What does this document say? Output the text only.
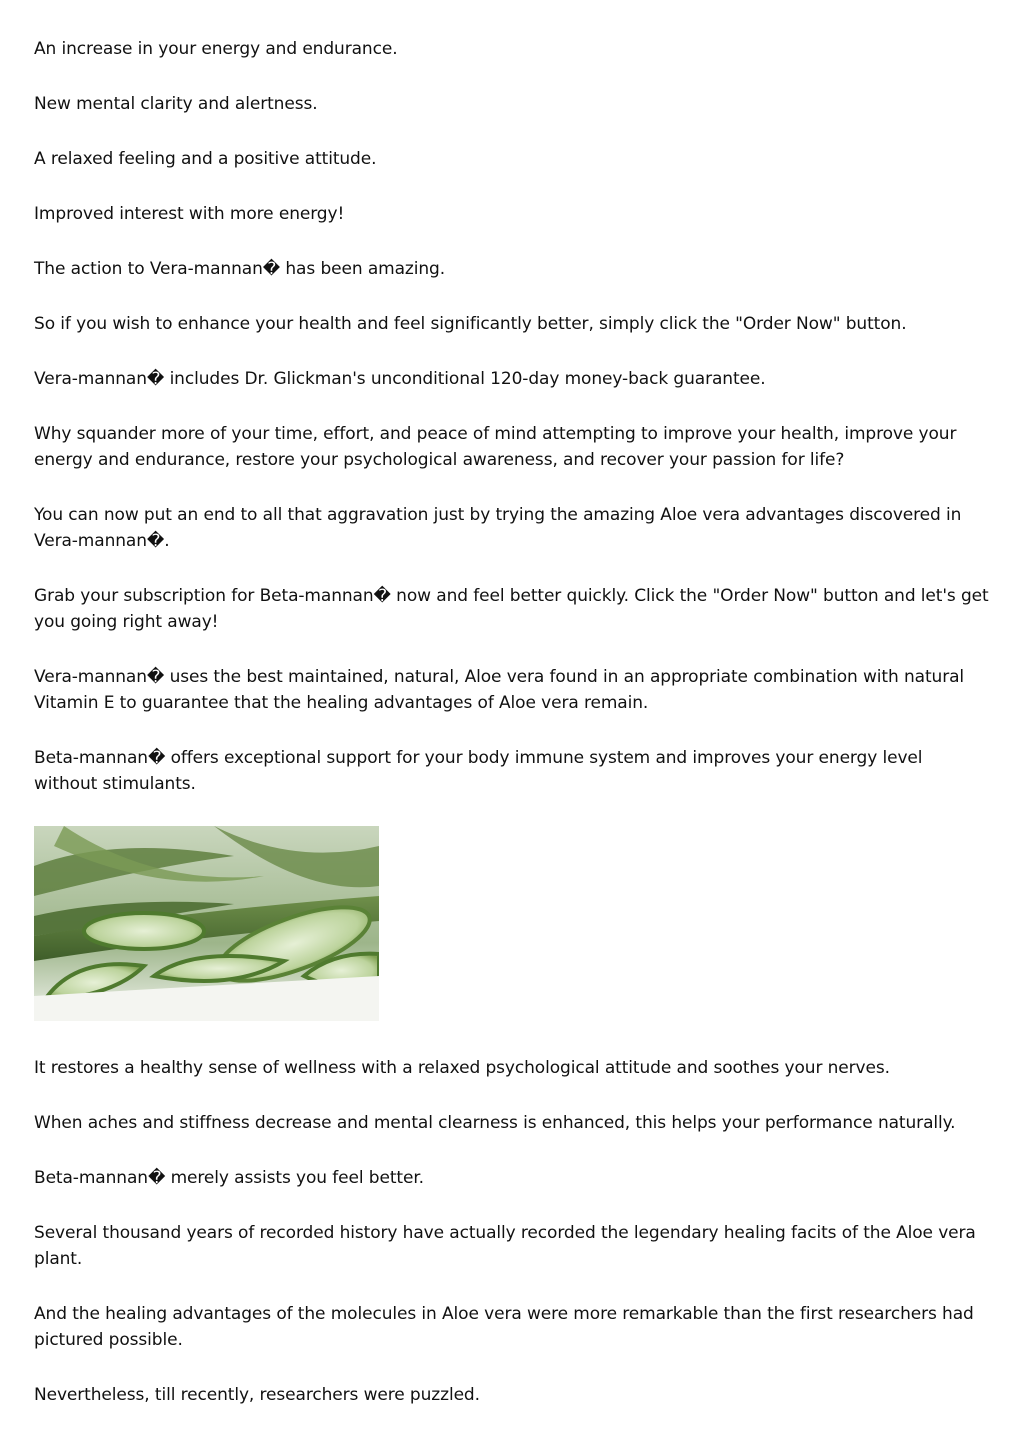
An increase in your energy and endurance.

New mental clarity and alertness.

A relaxed feeling and a positive attitude.

Improved interest with more energy!

The action to Vera-mannan� has been amazing.

So if you wish to enhance your health and feel significantly better, simply click the "Order Now" button.

Vera-mannan� includes Dr. Glickman's unconditional 120-day money-back guarantee.

Why squander more of your time, effort, and peace of mind attempting to improve your health, improve your energy and endurance, restore your psychological awareness, and recover your passion for life?

You can now put an end to all that aggravation just by trying the amazing Aloe vera advantages discovered in Vera-mannan�.

Grab your subscription for Beta-mannan� now and feel better quickly. Click the "Order Now" button and let's get you going right away!

Vera-mannan� uses the best maintained, natural, Aloe vera found in an appropriate combination with natural Vitamin E to guarantee that the healing advantages of Aloe vera remain.

Beta-mannan� offers exceptional support for your body immune system and improves your energy level without stimulants.

It restores a healthy sense of wellness with a relaxed psychological attitude and soothes your nerves.

When aches and stiffness decrease and mental clearness is enhanced, this helps your performance naturally.

Beta-mannan� merely assists you feel better.

Several thousand years of recorded history have actually recorded the legendary healing facits of the Aloe vera plant.

And the healing advantages of the molecules in Aloe vera were more remarkable than the first researchers had pictured possible.

Nevertheless, till recently, researchers were puzzled.
